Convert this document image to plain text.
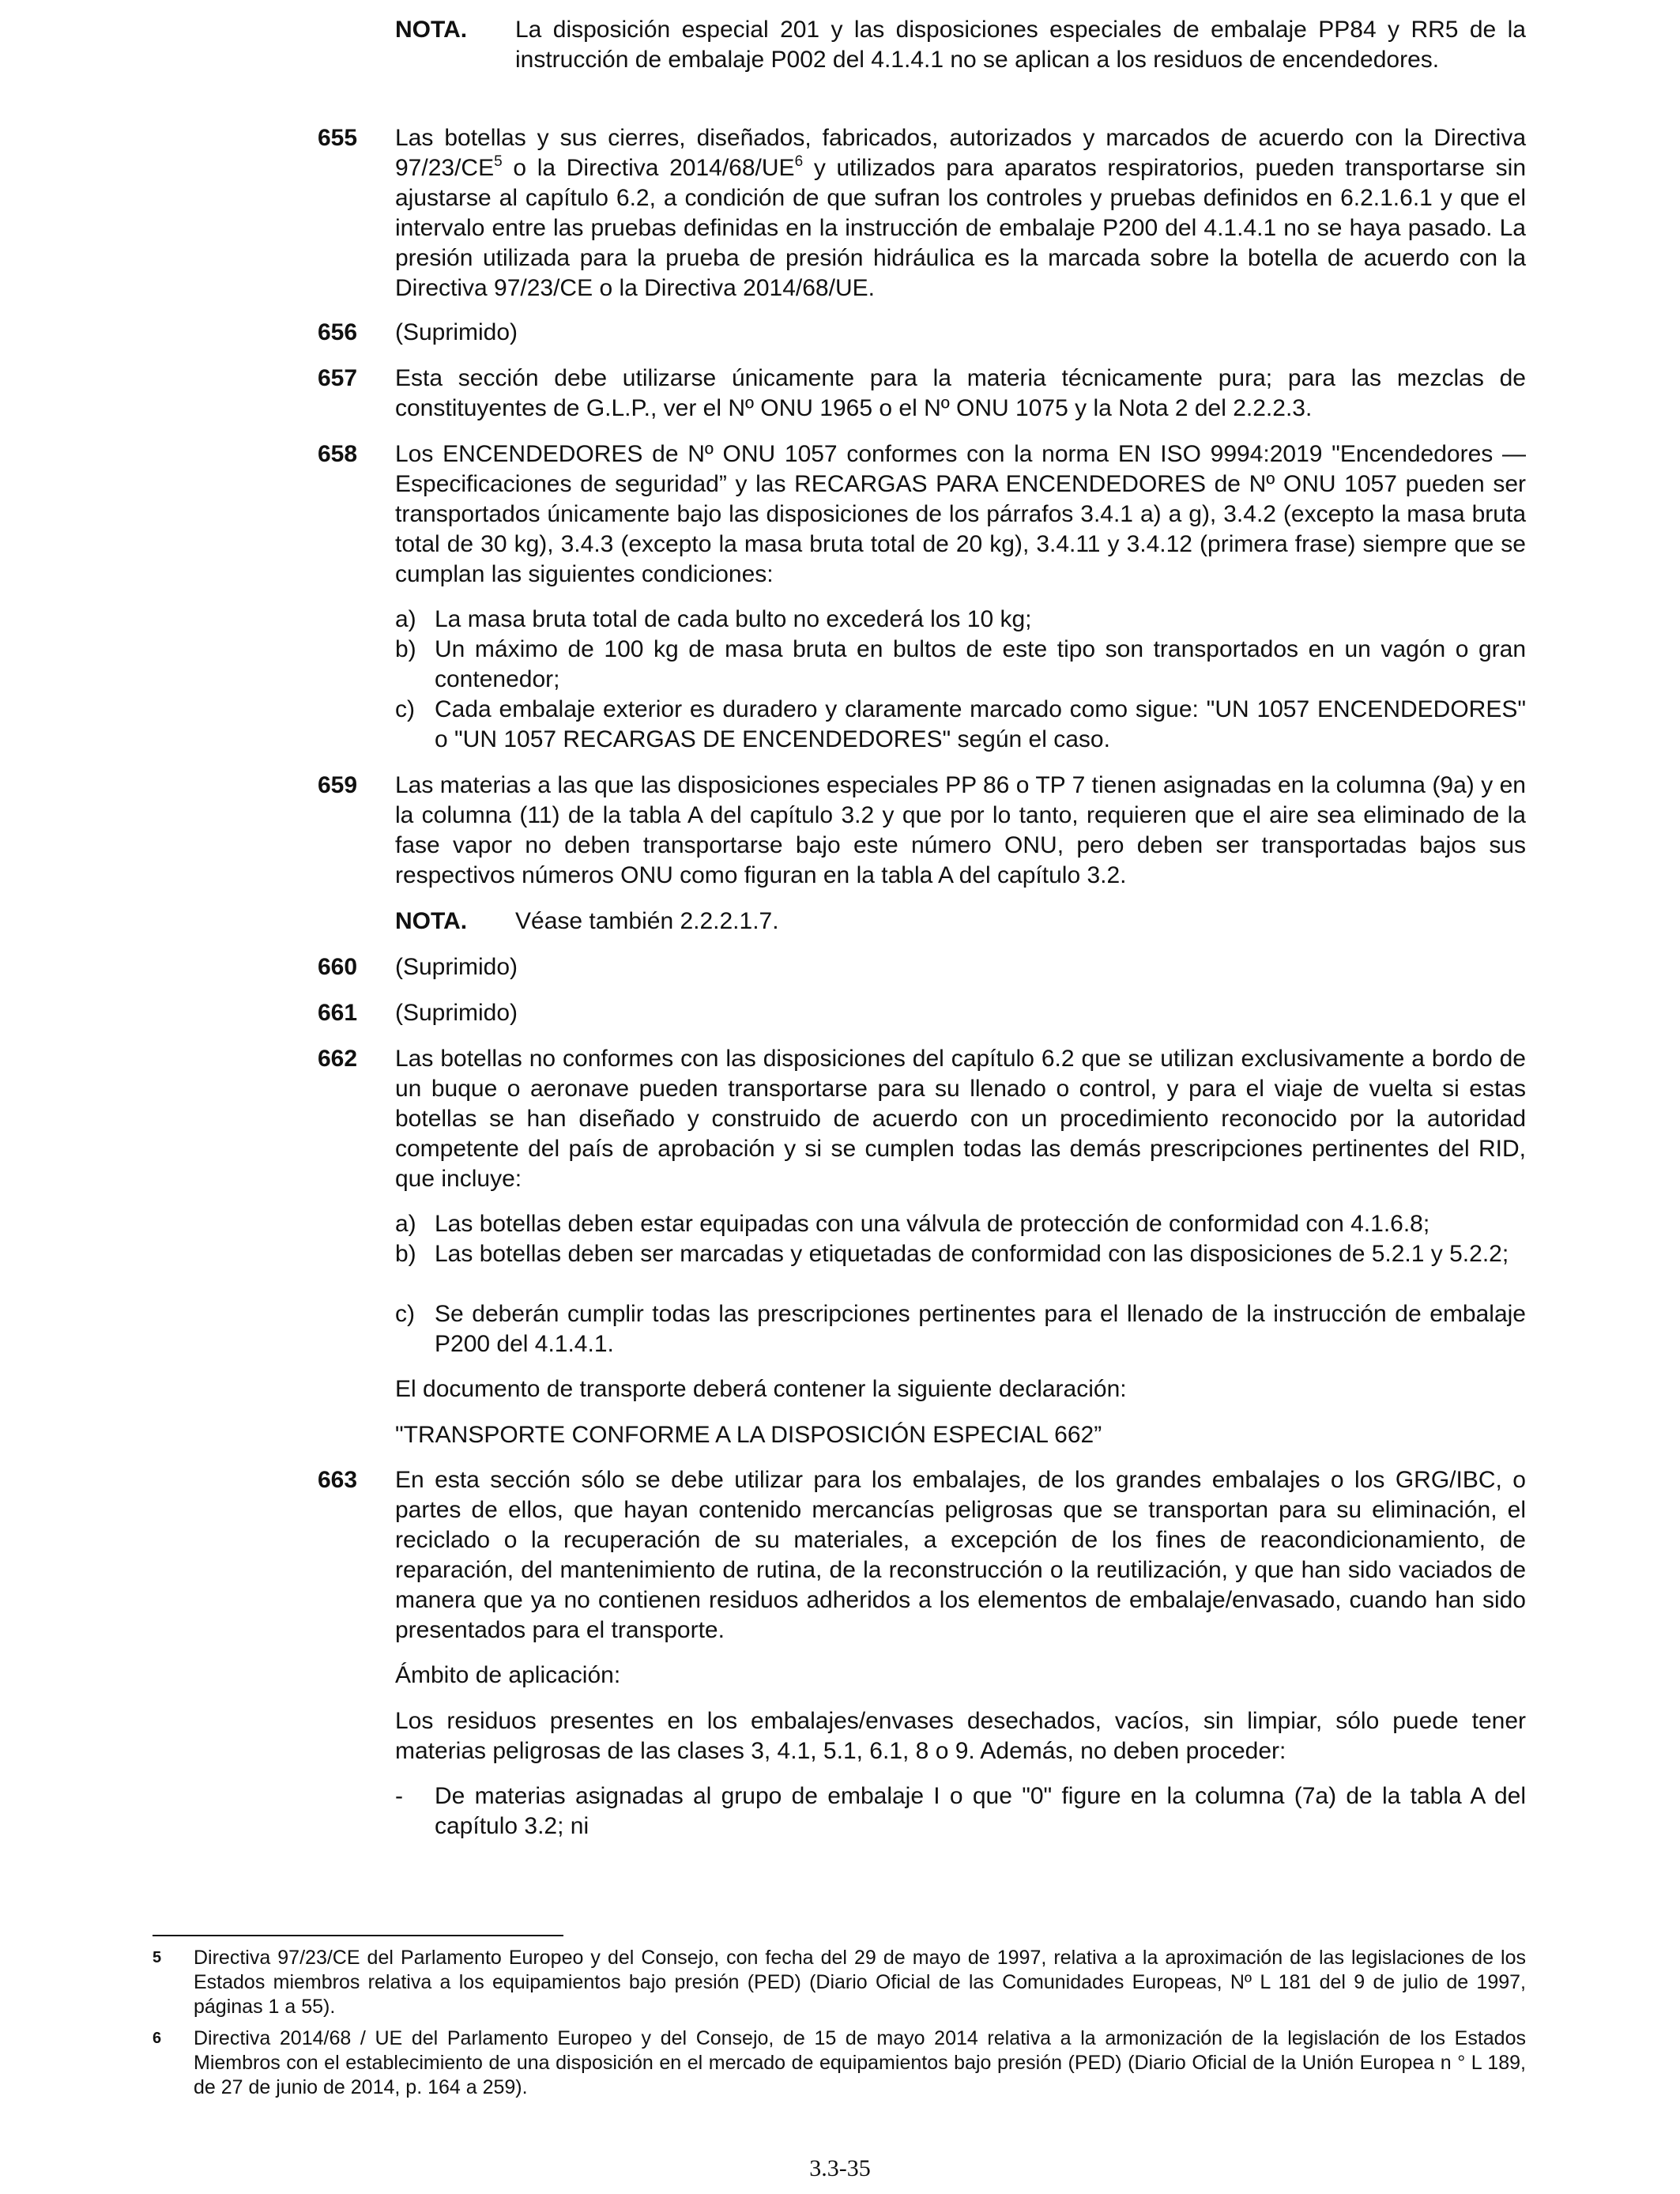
NOTA. La disposición especial 201 y las disposiciones especiales de embalaje PP84 y RR5 de la instrucción de embalaje P002 del 4.1.4.1 no se aplican a los residuos de encendedores.
655 Las botellas y sus cierres, diseñados, fabricados, autorizados y marcados de acuerdo con la Directiva $97/23/CE^5$ o la Directiva $2014/68/UE^6$ y utilizados para aparatos respiratorios, pueden transportarse sin ajustarse al capítulo 6.2, a condición de que sufran los controles y pruebas definidos en 6.2.1.6.1 y que el intervalo entre las pruebas definidas en la instrucción de embalaje P200 del 4.1.4.1 no se haya pasado. La presión utilizada para la prueba de presión hidráulica es la marcada sobre la botella de acuerdo con la Directiva 97/23/CE o la Directiva 2014/68/UE.
656 (Suprimido)
657 Esta sección debe utilizarse únicamente para la materia técnicamente pura; para las mezclas de constituyentes de G.L.P., ver el Nº ONU 1965 o el Nº ONU 1075 y la Nota 2 del 2.2.2.3.
658 Los ENCENDEDORES de Nº ONU 1057 conformes con la norma EN ISO 9994:2019 "Encendedores — Especificaciones de seguridad” y las RECARGAS PARA ENCENDEDORES de Nº ONU 1057 pueden ser transportados únicamente bajo las disposiciones de los párrafos 3.4.1 a) a g), 3.4.2 (excepto la masa bruta total de 30 kg), 3.4.3 (excepto la masa bruta total de 20 kg), 3.4.11 y 3.4.12 (primera frase) siempre que se cumplan las siguientes condiciones:
a) La masa bruta total de cada bulto no excederá los 10 kg;
b) Un máximo de 100 kg de masa bruta en bultos de este tipo son transportados en un vagón o gran contenedor;
c) Cada embalaje exterior es duradero y claramente marcado como sigue: "UN 1057 ENCENDEDORES" o "UN 1057 RECARGAS DE ENCENDEDORES" según el caso.
659 Las materias a las que las disposiciones especiales PP 86 o TP 7 tienen asignadas en la columna (9a) y en la columna (11) de la tabla A del capítulo 3.2 y que por lo tanto, requieren que el aire sea eliminado de la fase vapor no deben transportarse bajo este número ONU, pero deben ser transportadas bajos sus respectivos números ONU como figuran en la tabla A del capítulo 3.2.
NOTA. Véase también 2.2.2.1.7.
660 (Suprimido)
661 (Suprimido)
662 Las botellas no conformes con las disposiciones del capítulo 6.2 que se utilizan exclusivamente a bordo de un buque o aeronave pueden transportarse para su llenado o control, y para el viaje de vuelta si estas botellas se han diseñado y construido de acuerdo con un procedimiento reconocido por la autoridad competente del país de aprobación y si se cumplen todas las demás prescripciones pertinentes del RID, que incluye:
a) Las botellas deben estar equipadas con una válvula de protección de conformidad con 4.1.6.8;
b) Las botellas deben ser marcadas y etiquetadas de conformidad con las disposiciones de 5.2.1 y 5.2.2;
c) Se deberán cumplir todas las prescripciones pertinentes para el llenado de la instrucción de embalaje P200 del 4.1.4.1.
El documento de transporte deberá contener la siguiente declaración:
"TRANSPORTE CONFORME A LA DISPOSICIÓN ESPECIAL 662”
663 En esta sección sólo se debe utilizar para los embalajes, de los grandes embalajes o los GRG/IBC, o partes de ellos, que hayan contenido mercancías peligrosas que se transportan para su eliminación, el reciclado o la recuperación de su materiales, a excepción de los fines de reacondicionamiento, de reparación, del mantenimiento de rutina, de la reconstrucción o la reutilización, y que han sido vaciados de manera que ya no contienen residuos adheridos a los elementos de embalaje/envasado, cuando han sido presentados para el transporte.
Ámbito de aplicación:
Los residuos presentes en los embalajes/envases desechados, vacíos, sin limpiar, sólo puede tener materias peligrosas de las clases 3, 4.1, 5.1, 6.1, 8 o 9. Además, no deben proceder:
- De materias asignadas al grupo de embalaje I o que "0" figure en la columna (7a) de la tabla A del capítulo 3.2; ni
5 Directiva 97/23/CE del Parlamento Europeo y del Consejo, con fecha del 29 de mayo de 1997, relativa a la aproximación de las legislaciones de los Estados miembros relativa a los equipamientos bajo presión (PED) (Diario Oficial de las Comunidades Europeas, Nº L 181 del 9 de julio de 1997, páginas 1 a 55).
6 Directiva 2014/68 / UE del Parlamento Europeo y del Consejo, de 15 de mayo 2014 relativa a la armonización de la legislación de los Estados Miembros con el establecimiento de una disposición en el mercado de equipamientos bajo presión (PED) (Diario Oficial de la Unión Europea n ° L 189, de 27 de junio de 2014, p. 164 a 259).
3.3-35
